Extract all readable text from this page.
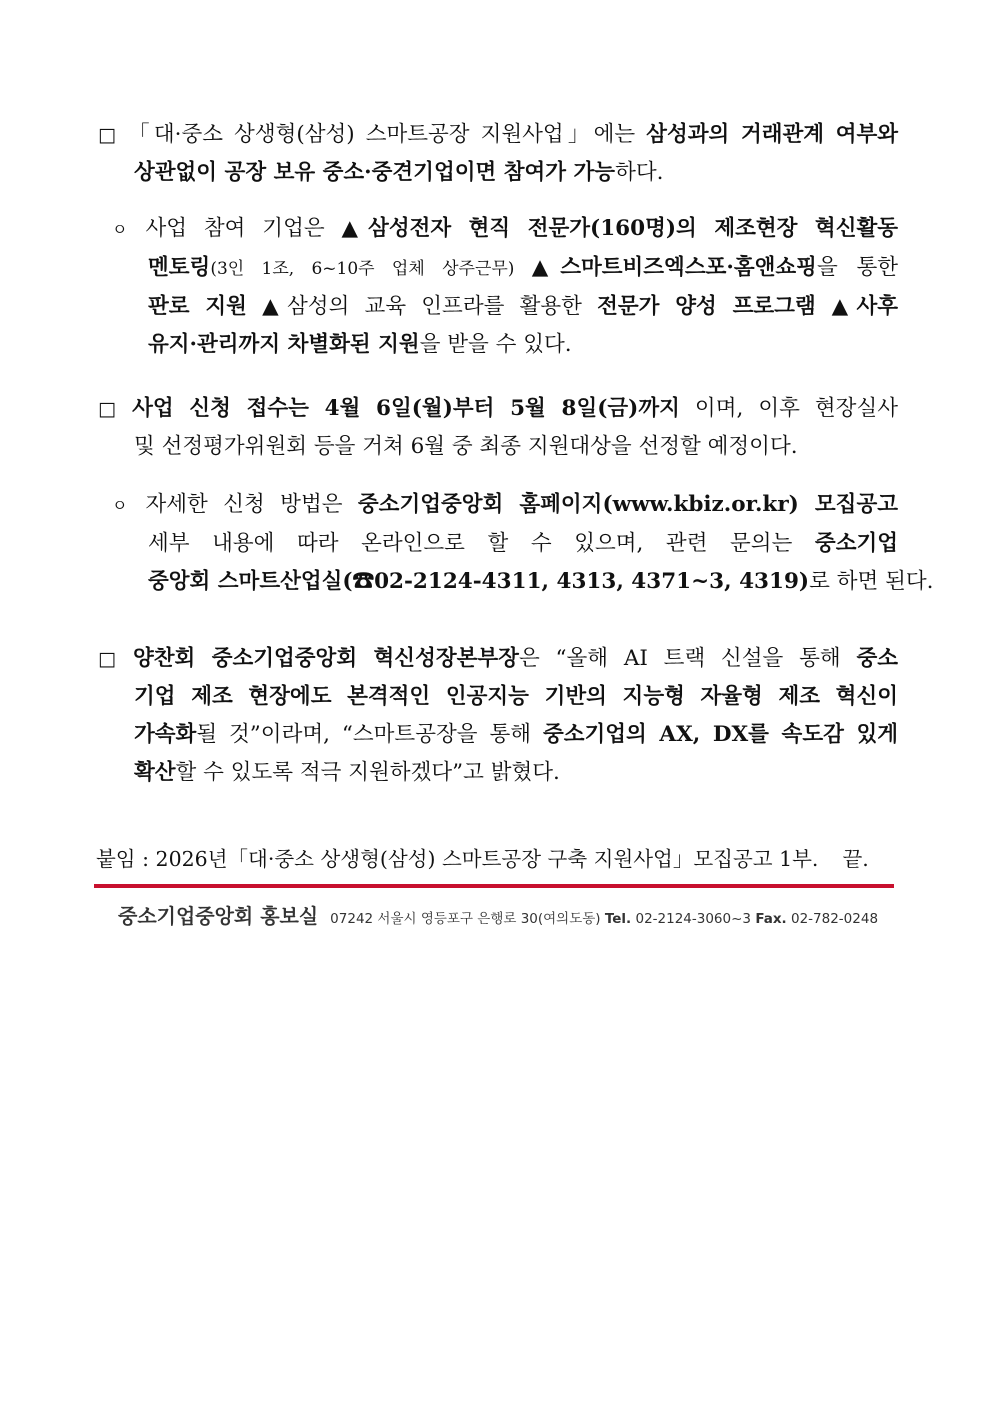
□ 「대·중소 상생형(삼성) 스마트공장 지원사업」에는 삼성과의 거래관계 여부와
상관없이 공장 보유 중소·중견기업이면 참여가 가능하다.
ㅇ 사업 참여 기업은 ▲삼성전자 현직 전문가(160명)의 제조현장 혁신활동
멘토링(3인 1조, 6~10주 업체 상주근무) ▲스마트비즈엑스포·홈앤쇼핑을 통한
판로 지원 ▲삼성의 교육 인프라를 활용한 전문가 양성 프로그램 ▲사후
유지·관리까지 차별화된 지원을 받을 수 있다.
□ 사업 신청 접수는 4월 6일(월)부터 5월 8일(금)까지 이며, 이후 현장실사
및 선정평가위원회 등을 거쳐 6월 중 최종 지원대상을 선정할 예정이다.
ㅇ 자세한 신청 방법은 중소기업중앙회 홈페이지(www.kbiz.or.kr) 모집공고
세부 내용에 따라 온라인으로 할 수 있으며, 관련 문의는 중소기업
중앙회 스마트산업실(☎02-2124-4311, 4313, 4371~3, 4319)로 하면 된다.
□ 양찬회 중소기업중앙회 혁신성장본부장은 “올해 AI 트랙 신설을 통해 중소
기업 제조 현장에도 본격적인 인공지능 기반의 지능형 자율형 제조 혁신이
가속화될 것”이라며, “스마트공장을 통해 중소기업의 AX, DX를 속도감 있게
확산할 수 있도록 적극 지원하겠다”고 밝혔다.
붙임 : 2026년「대·중소 상생형(삼성) 스마트공장 구축 지원사업」모집공고 1부. 끝.
중소기업중앙회 홍보실 07242 서울시 영등포구 은행로 30(여의도동) Tel. 02-2124-3060~3 Fax. 02-782-0248
